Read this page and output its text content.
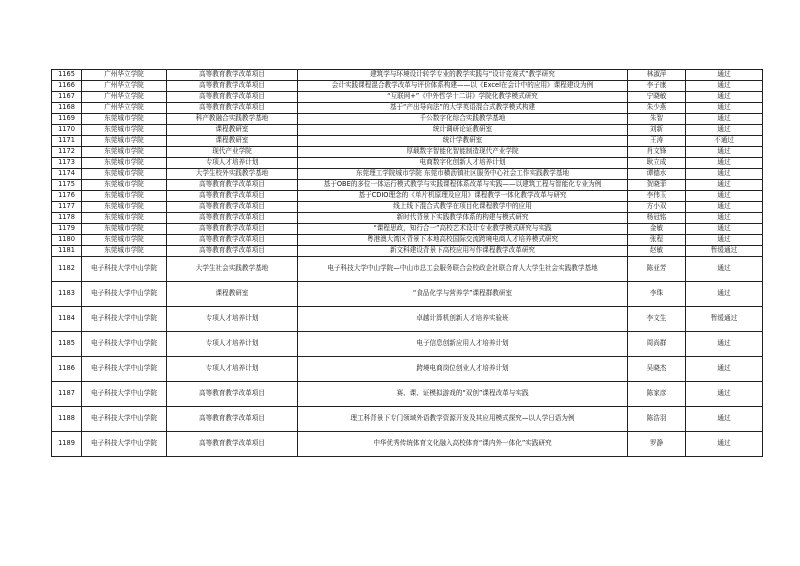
1165	广州华立学院	高等教育教学改革项目	建筑学与环境设计转学专业的教学实践与“设计竞赛式”教学研究	林淑萍	通过
1166	广州华立学院	高等教育教学改革项目	会计实践课程混合教学改革与评价体系构建——以《Excel在会计中的应用》课程建设为例	李子康	通过
1167	广州华立学院	高等教育教学改革项目	“互联网+”《中外哲学十二讲》学院化教学模式研究	宁晓敏	通过
1168	广州华立学院	高等教育教学改革项目	基于“产出导向法”的大学英语混合式教学模式构建	朱少燕	通过
1169	东莞城市学院	科产教融合实践教学基地	千公数字化综合实践教学基地	朱智	通过
1170	东莞城市学院	课程教研室	统计调研论证教研室	刘新	通过
1171	东莞城市学院	课程教研室	统计学教研室	王涛	不通过
1172	东莞城市学院	现代产业学院	厚载数字智能化智能制造现代产业学院	肖文锋	通过
1173	东莞城市学院	专项人才培养计划	电商数字化创新人才培养计划	耿立成	通过
1174	东莞城市学院	大学生校外实践教学基地	东莞理工学院城市学院 东莞市横沥镇社区服务中心社会工作实践教学基地	谭德水	通过
1175	东莞城市学院	高等教育教学改革项目	基于OBE的多位一体运行模式教学与实践课程体系改革与实践——以建筑工程与智能化专业为例	贺晓菲	通过
1176	东莞城市学院	高等教育教学改革项目	基于CDIO理念的《单片机原理及应用》课程教学一体化教学改革与研究	李伟玉	通过
1177	东莞城市学院	高等教育教学改革项目	线上线下混合式教学在项目化课程教学中的应用	方小双	通过
1178	东莞城市学院	高等教育教学改革项目	新时代背景下实践教学体系的构建与模式研究	杨冠铭	通过
1179	东莞城市学院	高等教育教学改革项目	“课程思政，知行合一”高校艺术设计专业教学模式研究与实践	金敏	通过
1180	东莞城市学院	高等教育教学改革项目	粤港澳大湾区背景下本地高校国际交流跨境电商人才培养模式研究	张程	通过
1181	东莞城市学院	高等教育教学改革项目	新文科建设背景下高校应用写作课程教学改革研究	赵敏	暂缓通过
1182	电子科技大学中山学院	大学生社会实践教学基地	电子科技大学中山学院—中山市总工会服务联合会校政企社联合育人大学生社会实践教学基地	陈亚芳	通过
1183	电子科技大学中山学院	课程教研室	“食品化学与营养学”课程群教研室	李珠	通过
1184	电子科技大学中山学院	专项人才培养计划	卓越计算机创新人才培养实验班	李文生	暂缓通过
1185	电子科技大学中山学院	专项人才培养计划	电子信息创新应用人才培养计划	周尚群	通过
1186	电子科技大学中山学院	专项人才培养计划	跨境电商岗位创业人才培养计划	吴晓杰	通过
1187	电子科技大学中山学院	高等教育教学改革项目	赛、课、证模拟游戏的“双创”课程改革与实践	陈家彦	通过
1188	电子科技大学中山学院	高等教育教学改革项目	理工科背景下专门领域外语教学资源开发及其应用模式探究—以人学日语为例	陈浩羽	通过
1189	电子科技大学中山学院	高等教育教学改革项目	中华优秀传统体育文化融入高校体育“课内外一体化”实践研究	罗静	通过
